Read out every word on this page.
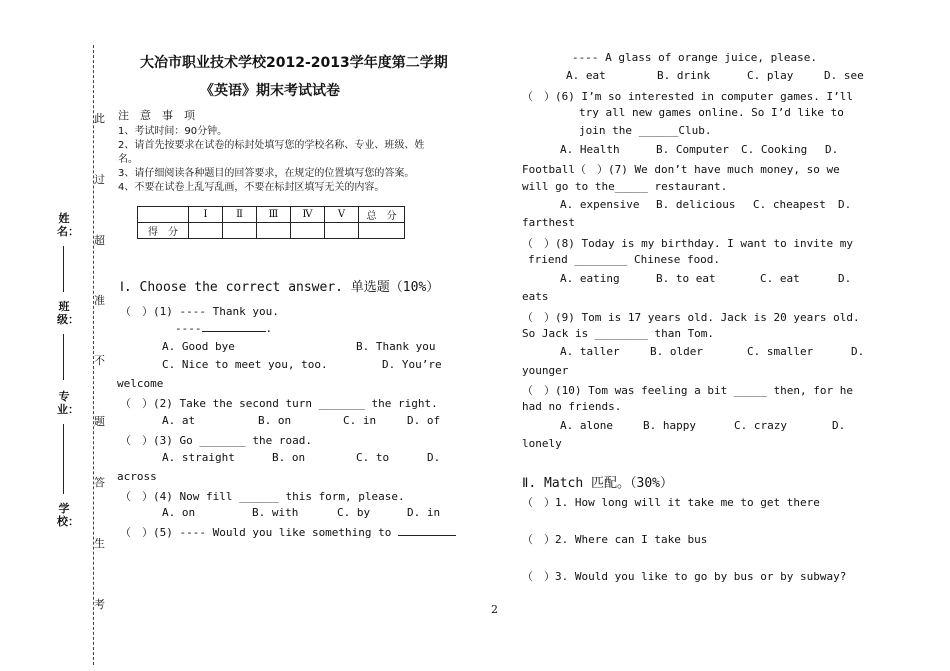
姓名：
班级：
专业：
学校：
此
过
超
准
不
题
答
生
考
大冶市职业技术学校2012-2013学年度第二学期
《英语》期末考试试卷
注　意　事　项
1、考试时间：90分钟。
2、请首先按要求在试卷的标封处填写您的学校名称、专业、班级、姓
名。
3、请仔细阅读各种题目的回答要求，在规定的位置填写您的答案。
4、不要在试卷上乱写乱画，不要在标封区填写无关的内容。
	Ⅰ	Ⅱ	Ⅲ	Ⅳ	Ⅴ	总　分
得　分						
Ⅰ. Choose the correct answer. 单选题（10%）
（　）(1) ---- Thank you.
----	.
A. Good bye	B. Thank you
C. Nice to meet you, too.	D. You’re
welcome
（　）(2) Take the second turn _______ the right.
A. at	B. on	C. in	D. of
（　）(3) Go _______ the road.
A. straight	B. on	C. to	D.
across
（　）(4) Now fill ______ this form, please.
A. on	B. with	C. by	D. in
（　）(5) ---- Would you like something to
---- A glass of orange juice, please.
A. eat	B. drink	C. play	D. see
（　）(6) I’m so interested in computer games. I’ll
try all new games online. So I’d like to
join the ______Club.
A. Health	B. Computer C. Cooking D.
Football（　）(7) We don’t have much money, so we
will go to the_____ restaurant.
A. expensive B. delicious C. cheapest D.
farthest
（　）(8) Today is my birthday. I want to invite my
friend ________ Chinese food.
A. eating	B. to eat	C. eat	D.
eats
（　）(9) Tom is 17 years old. Jack is 20 years old.
So Jack is ________ than Tom.
A. taller	B. older	C. smaller	D.
younger
（　）(10) Tom was feeling a bit _____ then, for he
had no friends.
A. alone	B. happy	C. crazy	D.
lonely
Ⅱ. Match 匹配。（30%）
（　）1. How long will it take me to get there
（　）2. Where can I take bus
（　）3. Would you like to go by bus or by subway?
2
